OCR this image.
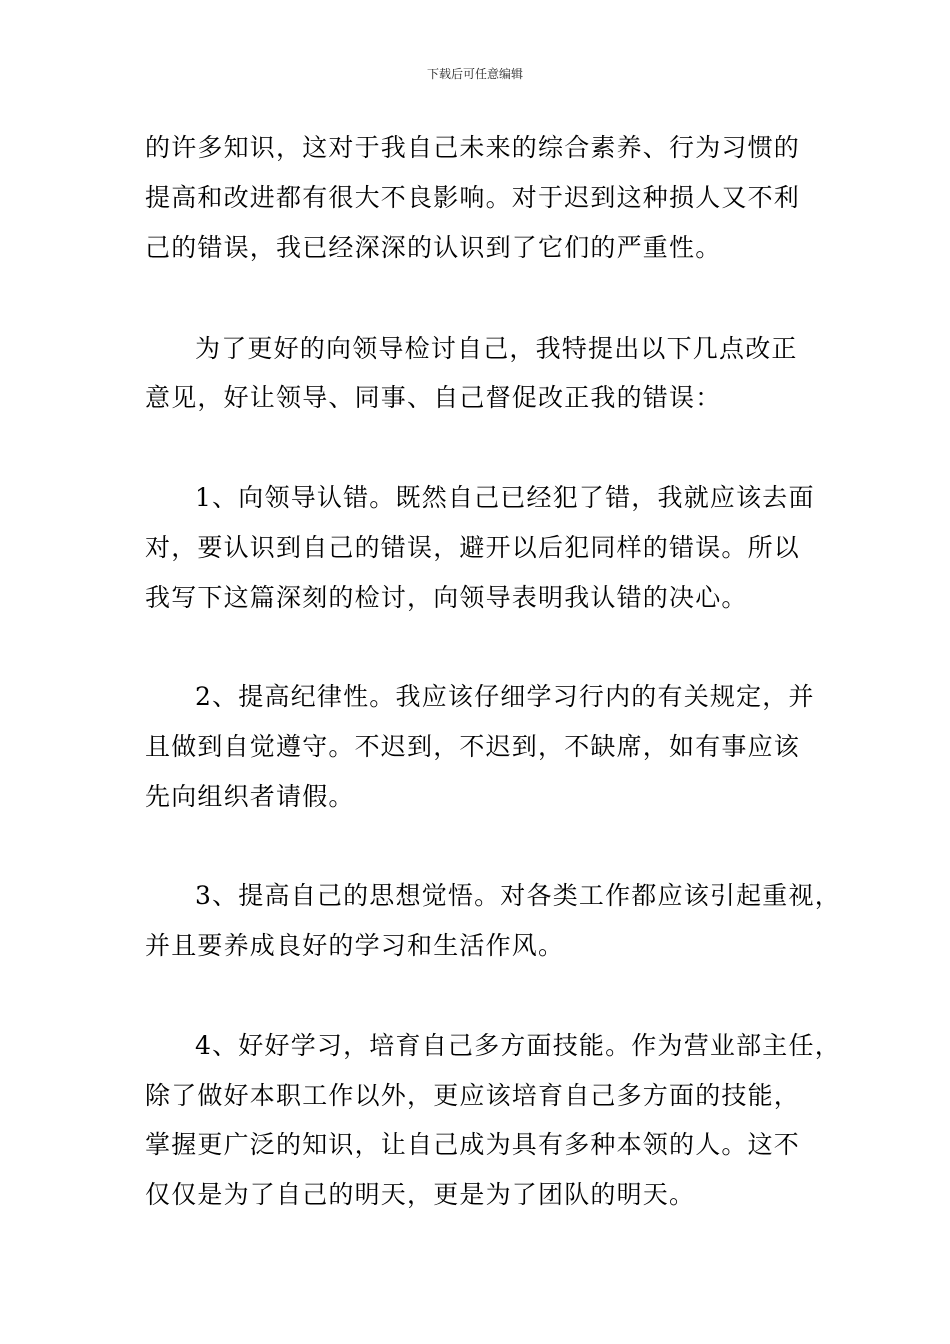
下载后可任意编辑
的许多知识，这对于我自己未来的综合素养、行为习惯的
提高和改进都有很大不良影响。对于迟到这种损人又不利
己的错误，我已经深深的认识到了它们的严重性。
为了更好的向领导检讨自己，我特提出以下几点改正
意见，好让领导、同事、自己督促改正我的错误：
1、向领导认错。既然自己已经犯了错，我就应该去面
对，要认识到自己的错误，避开以后犯同样的错误。所以
我写下这篇深刻的检讨，向领导表明我认错的决心。
2、提高纪律性。我应该仔细学习行内的有关规定，并
且做到自觉遵守。不迟到，不迟到，不缺席，如有事应该
先向组织者请假。
3、提高自己的思想觉悟。对各类工作都应该引起重视，
并且要养成良好的学习和生活作风。
4、好好学习，培育自己多方面技能。作为营业部主任，
除了做好本职工作以外，更应该培育自己多方面的技能，
掌握更广泛的知识，让自己成为具有多种本领的人。这不
仅仅是为了自己的明天，更是为了团队的明天。
